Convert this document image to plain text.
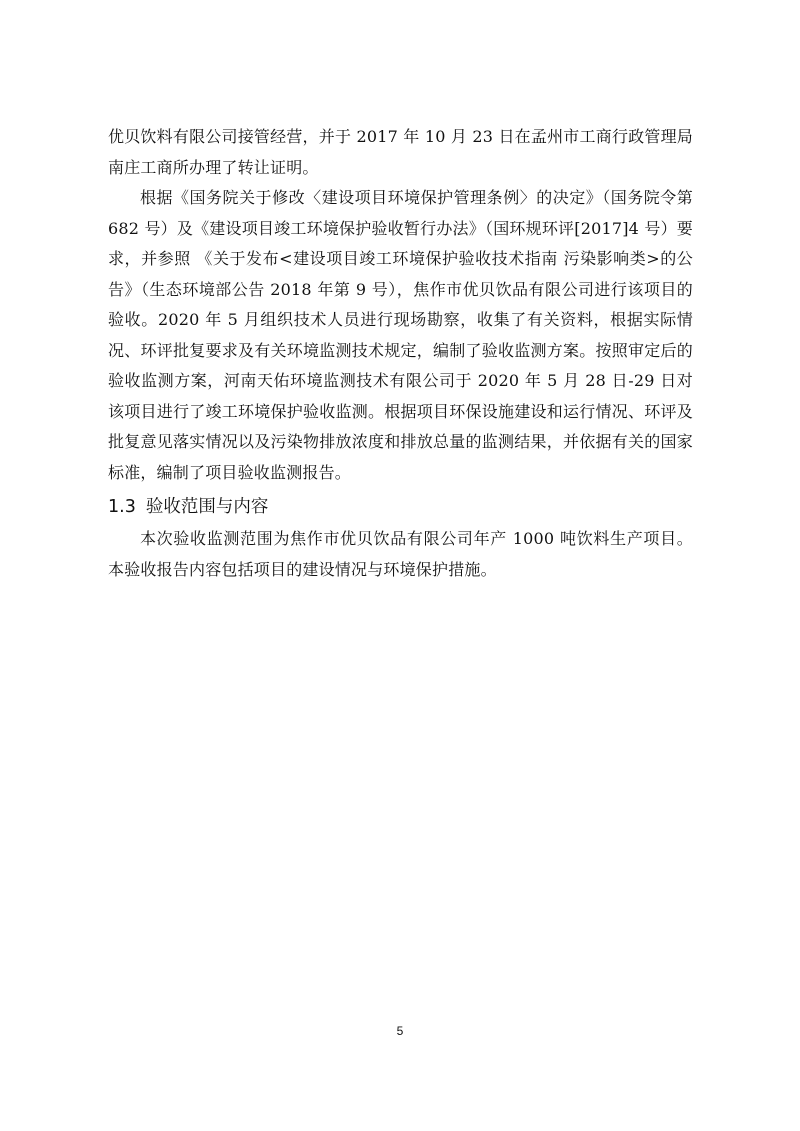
优贝饮料有限公司接管经营，并于 2017 年 10 月 23 日在孟州市工商行政管理局南庄工商所办理了转让证明。

根据《国务院关于修改〈建设项目环境保护管理条例〉的决定》（国务院令第 682 号）及《建设项目竣工环境保护验收暂行办法》（国环规环评[2017]4 号）要求，并参照 《关于发布<建设项目竣工环境保护验收技术指南 污染影响类>的公告》（生态环境部公告 2018 年第 9 号），焦作市优贝饮品有限公司进行该项目的验收。2020 年 5 月组织技术人员进行现场勘察，收集了有关资料，根据实际情况、环评批复要求及有关环境监测技术规定，编制了验收监测方案。按照审定后的验收监测方案，河南天佑环境监测技术有限公司于 2020 年 5 月 28 日-29 日对该项目进行了竣工环境保护验收监测。根据项目环保设施建设和运行情况、环评及批复意见落实情况以及污染物排放浓度和排放总量的监测结果，并依据有关的国家标准，编制了项目验收监测报告。

1.3 验收范围与内容

本次验收监测范围为焦作市优贝饮品有限公司年产 1000 吨饮料生产项目。本验收报告内容包括项目的建设情况与环境保护措施。

5
